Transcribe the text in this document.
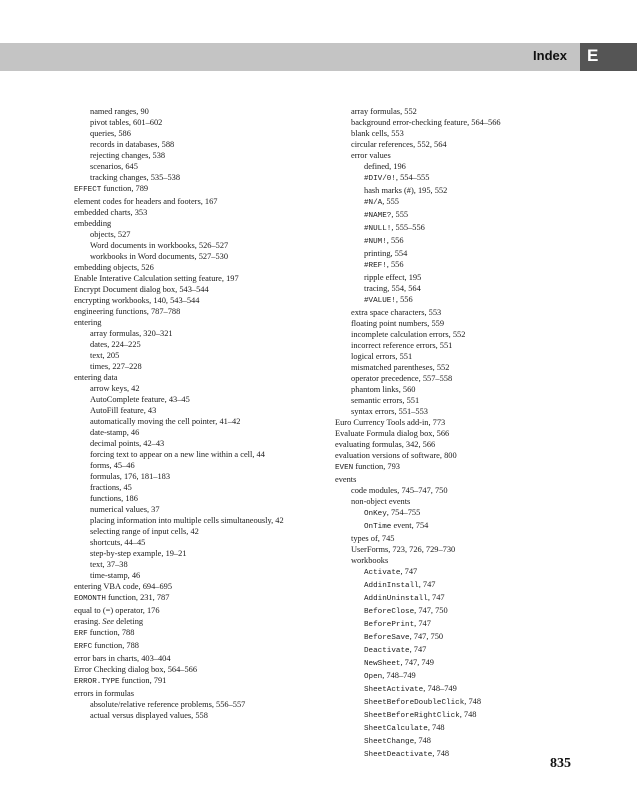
Index E
named ranges, 90
pivot tables, 601–602
queries, 586
records in databases, 588
rejecting changes, 538
scenarios, 645
tracking changes, 535–538
EFFECT function, 789
element codes for headers and footers, 167
embedded charts, 353
embedding
objects, 527
Word documents in workbooks, 526–527
workbooks in Word documents, 527–530
embedding objects, 526
Enable Interative Calculation setting feature, 197
Encrypt Document dialog box, 543–544
encrypting workbooks, 140, 543–544
engineering functions, 787–788
entering
array formulas, 320–321
dates, 224–225
text, 205
times, 227–228
entering data
arrow keys, 42
AutoComplete feature, 43–45
AutoFill feature, 43
automatically moving the cell pointer, 41–42
date-stamp, 46
decimal points, 42–43
forcing text to appear on a new line within a cell, 44
forms, 45–46
formulas, 176, 181–183
fractions, 45
functions, 186
numerical values, 37
placing information into multiple cells simultaneously, 42
selecting range of input cells, 42
shortcuts, 44–45
step-by-step example, 19–21
text, 37–38
time-stamp, 46
entering VBA code, 694–695
EOMONTH function, 231, 787
equal to (=) operator, 176
erasing. See deleting
ERF function, 788
ERFC function, 788
error bars in charts, 403–404
Error Checking dialog box, 564–566
ERROR.TYPE function, 791
errors in formulas
absolute/relative reference problems, 556–557
actual versus displayed values, 558
array formulas, 552
background error-checking feature, 564–566
blank cells, 553
circular references, 552, 564
error values
defined, 196
#DIV/0!, 554–555
hash marks (#), 195, 552
#N/A, 555
#NAME?, 555
#NULL!, 555–556
#NUM!, 556
printing, 554
#REF!, 556
ripple effect, 195
tracing, 554, 564
#VALUE!, 556
extra space characters, 553
floating point numbers, 559
incomplete calculation errors, 552
incorrect reference errors, 551
logical errors, 551
mismatched parentheses, 552
operator precedence, 557–558
phantom links, 560
semantic errors, 551
syntax errors, 551–553
Euro Currency Tools add-in, 773
Evaluate Formula dialog box, 566
evaluating formulas, 342, 566
evaluation versions of software, 800
EVEN function, 793
events
code modules, 745–747, 750
non-object events
OnKey, 754–755
OnTime event, 754
types of, 745
UserForms, 723, 726, 729–730
workbooks
Activate, 747
AddinInstall, 747
AddinUninstall, 747
BeforeClose, 747, 750
BeforePrint, 747
BeforeSave, 747, 750
Deactivate, 747
NewSheet, 747, 749
Open, 748–749
SheetActivate, 748–749
SheetBeforeDoubleClick, 748
SheetBeforeRightClick, 748
SheetCalculate, 748
SheetChange, 748
SheetDeactivate, 748
835
